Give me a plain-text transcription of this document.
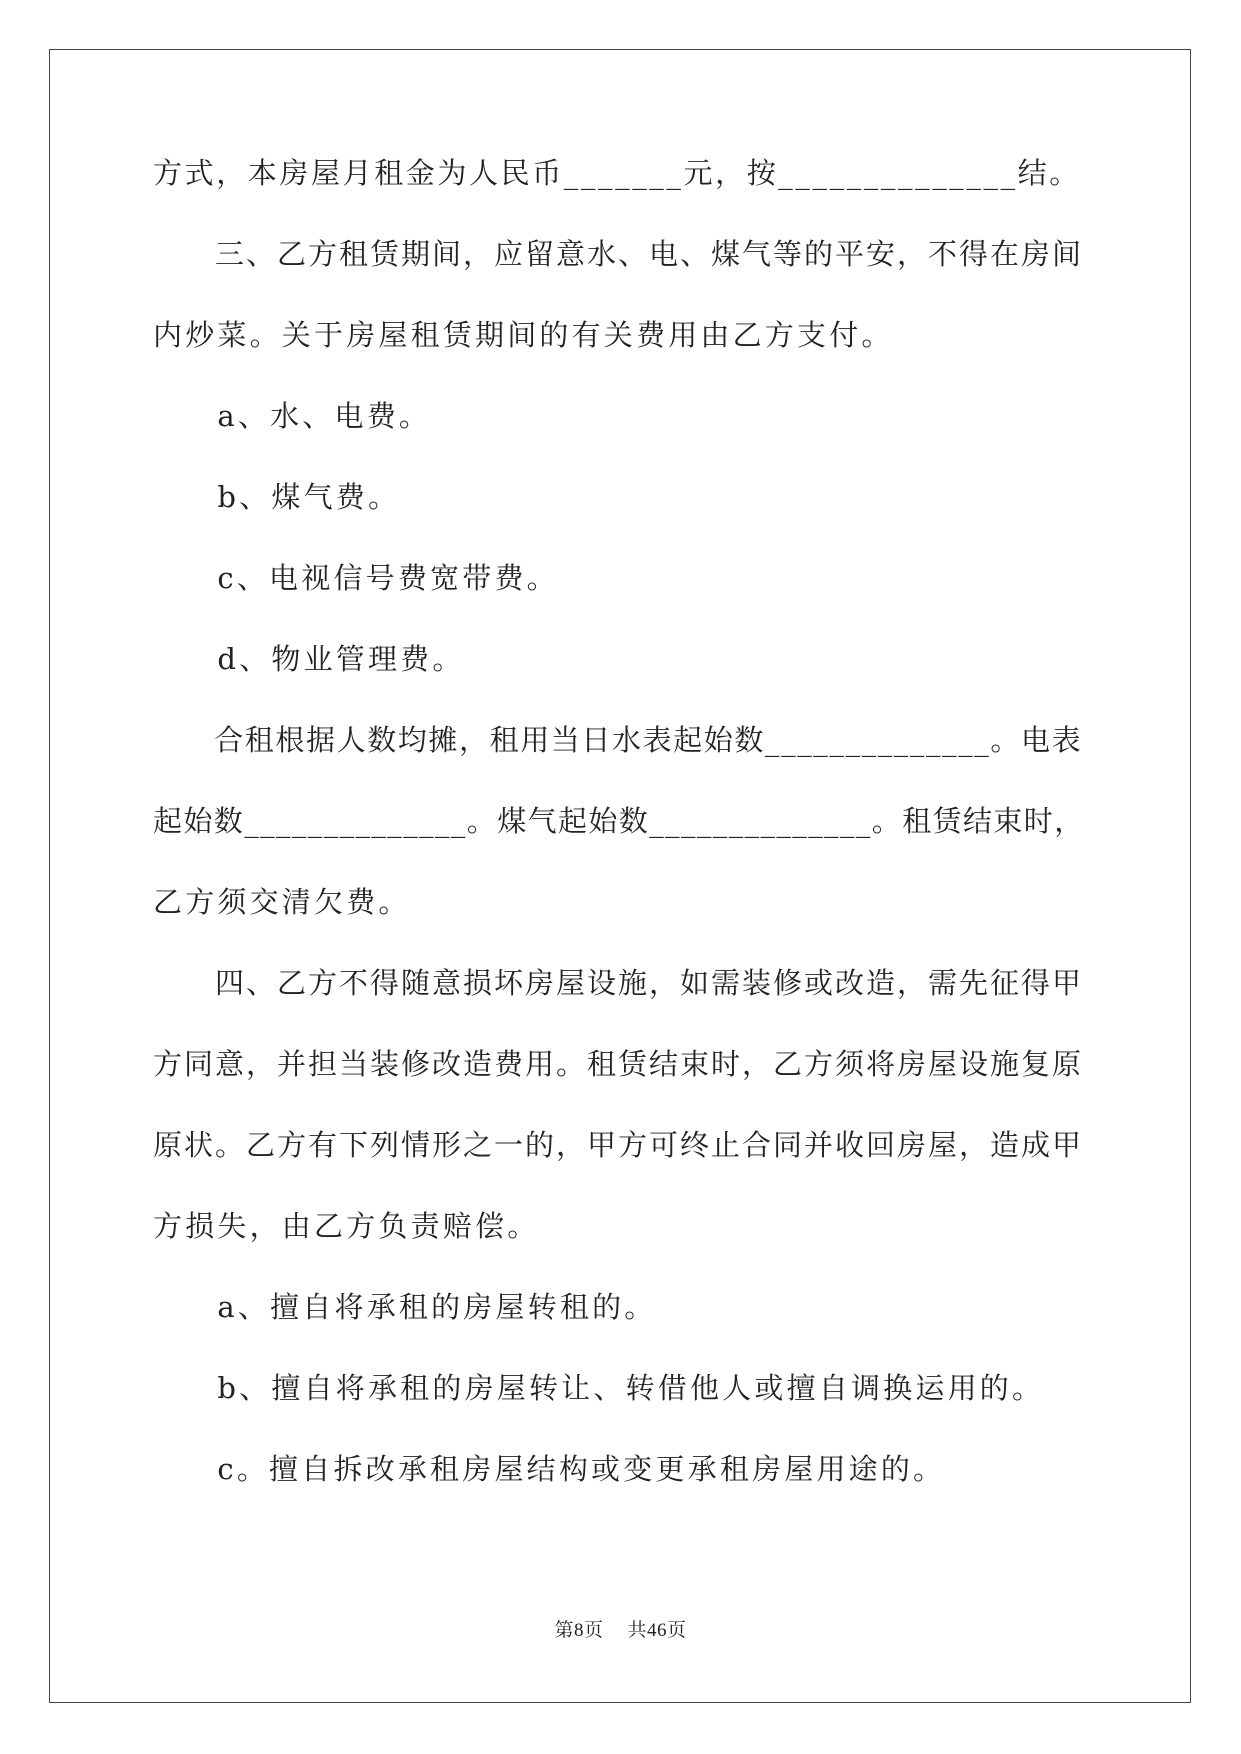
方式，本房屋月租金为人民币_______元，按______________结。

　　三、乙方租赁期间，应留意水、电、煤气等的平安，不得在房间

内炒菜。关于房屋租赁期间的有关费用由乙方支付。

　　a、水、电费。

　　b、煤气费。

　　c、电视信号费宽带费。

　　d、物业管理费。

　　合租根据人数均摊，租用当日水表起始数______________。电表

起始数______________。煤气起始数______________。租赁结束时，

乙方须交清欠费。

　　四、乙方不得随意损坏房屋设施，如需装修或改造，需先征得甲

方同意，并担当装修改造费用。租赁结束时，乙方须将房屋设施复原

原状。乙方有下列情形之一的，甲方可终止合同并收回房屋，造成甲

方损失，由乙方负责赔偿。

　　a、擅自将承租的房屋转租的。

　　b、擅自将承租的房屋转让、转借他人或擅自调换运用的。

　　c。擅自拆改承租房屋结构或变更承租房屋用途的。

第8页 共46页
